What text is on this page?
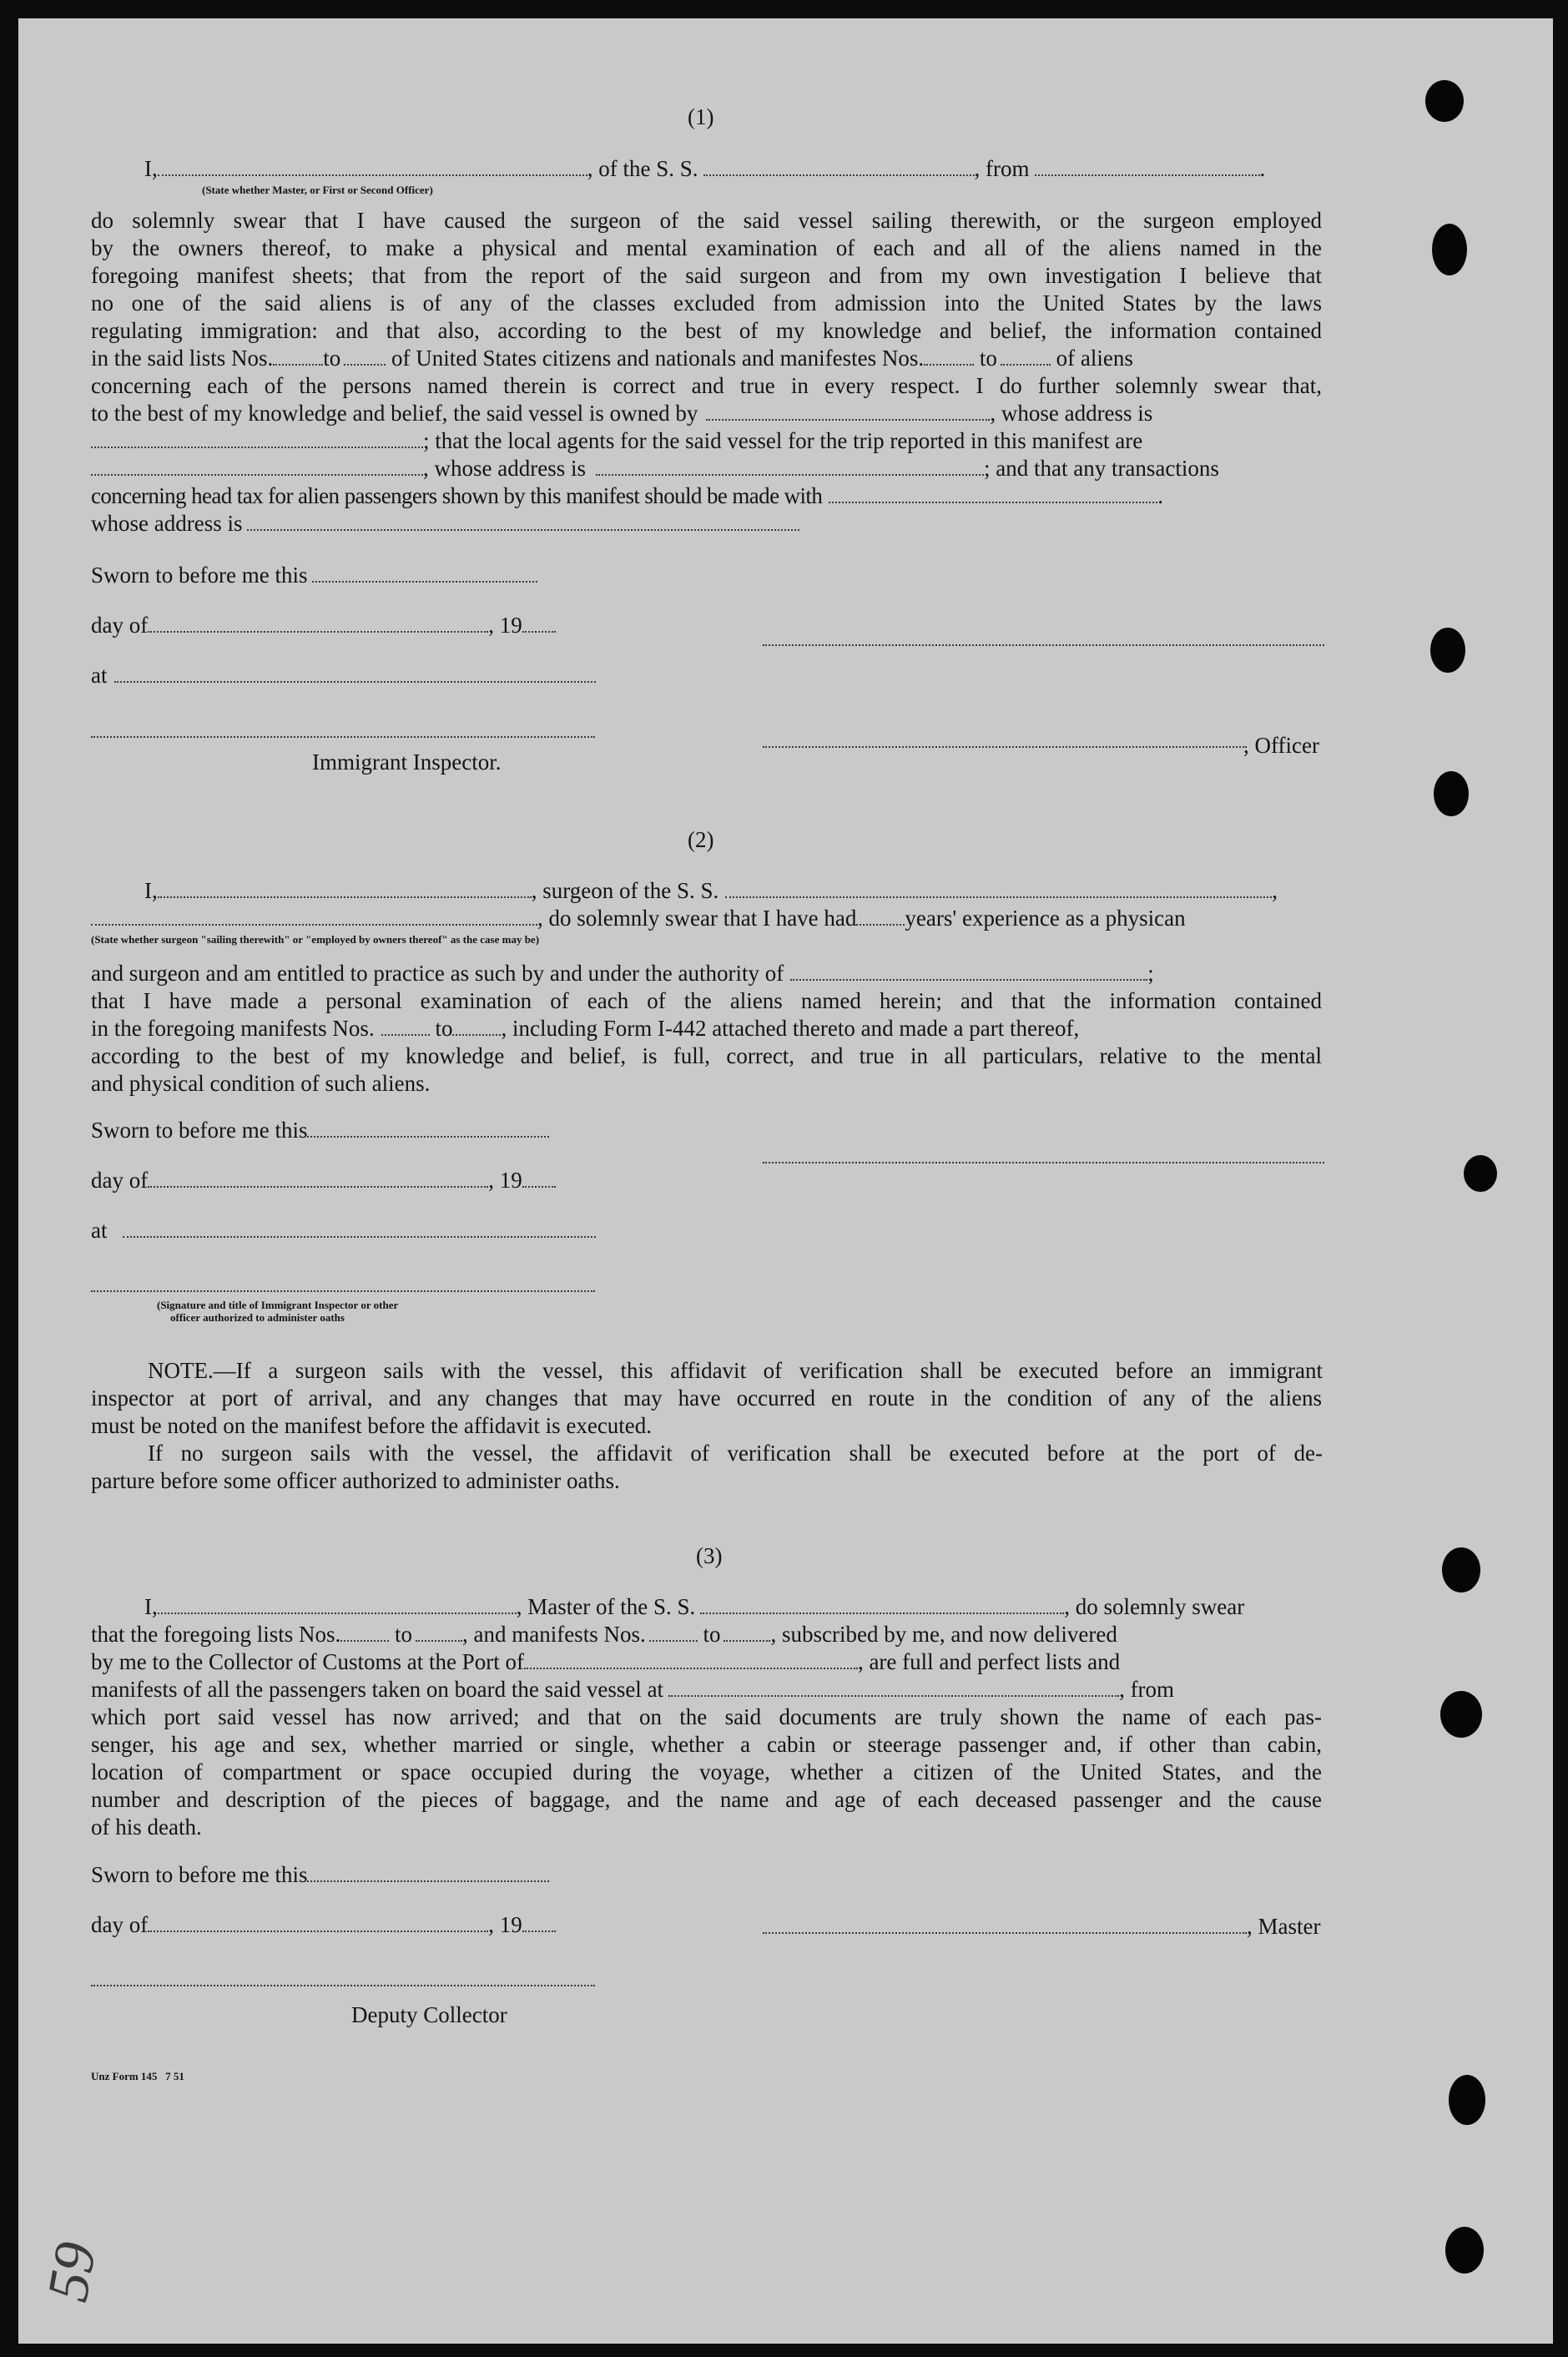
(1)
I,	, of the S. S.	, from	.
(State whether Master, or First or Second Officer)
do solemnly swear that I have caused the surgeon of the said vessel sailing therewith, or the surgeon employed
by the owners thereof, to make a physical and mental examination of each and all of the aliens named in the
foregoing manifest sheets; that from the report of the said surgeon and from my own investigation I believe that
no one of the said aliens is of any of the classes excluded from admission into the United States by the laws
regulating immigration: and that also, according to the best of my knowledge and belief, the information contained
in the said lists Nos. to of United States citizens and nationals and manifestes Nos. to	of aliens
concerning each of the persons named therein is correct and true in every respect. I do further solemnly swear that,
to the best of my knowledge and belief, the said vessel is owned by	, whose address is
; that the local agents for the said vessel for the trip reported in this manifest are
, whose address is	; and that any transactions
concerning head tax for alien passengers shown by this manifest should be made with	.
whose address is
Sworn to before me this
day of	, 19
at
, Officer
Immigrant Inspector.
(2)
I,	, surgeon of the S. S.	,
, do solemnly swear that I have had years' experience as a physican
(State whether surgeon "sailing therewith" or "employed by owners thereof" as the case may be)
and surgeon and am entitled to practice as such by and under the authority of	;
that I have made a personal examination of each of the aliens named herein; and that the information contained
in the foregoing manifests Nos.	to , including Form I-442 attached thereto and made a part thereof,
according to the best of my knowledge and belief, is full, correct, and true in all particulars, relative to the mental
and physical condition of such aliens.
Sworn to before me this
day of	, 19
at
(Signature and title of Immigrant Inspector or other
officer authorized to administer oaths
NOTE.—If a surgeon sails with the vessel, this affidavit of verification shall be executed before an immigrant
inspector at port of arrival, and any changes that may have occurred en route in the condition of any of the aliens
must be noted on the manifest before the affidavit is executed.
If no surgeon sails with the vessel, the affidavit of verification shall be executed before at the port of de-
parture before some officer authorized to administer oaths.
(3)
I,	, Master of the S. S.	, do solemnly swear
that the foregoing lists Nos. to , and manifests Nos.	to , subscribed by me, and now delivered
by me to the Collector of Customs at the Port of	, are full and perfect lists and
manifests of all the passengers taken on board the said vessel at	, from
which port said vessel has now arrived; and that on the said documents are truly shown the name of each pas-
senger, his age and sex, whether married or single, whether a cabin or steerage passenger and, if other than cabin,
location of compartment or space occupied during the voyage, whether a citizen of the United States, and the
number and description of the pieces of baggage, and the name and age of each deceased passenger and the cause
of his death.
Sworn to before me this
day of	, 19	, Master
Deputy Collector
Unz Form 145   7 51
59
